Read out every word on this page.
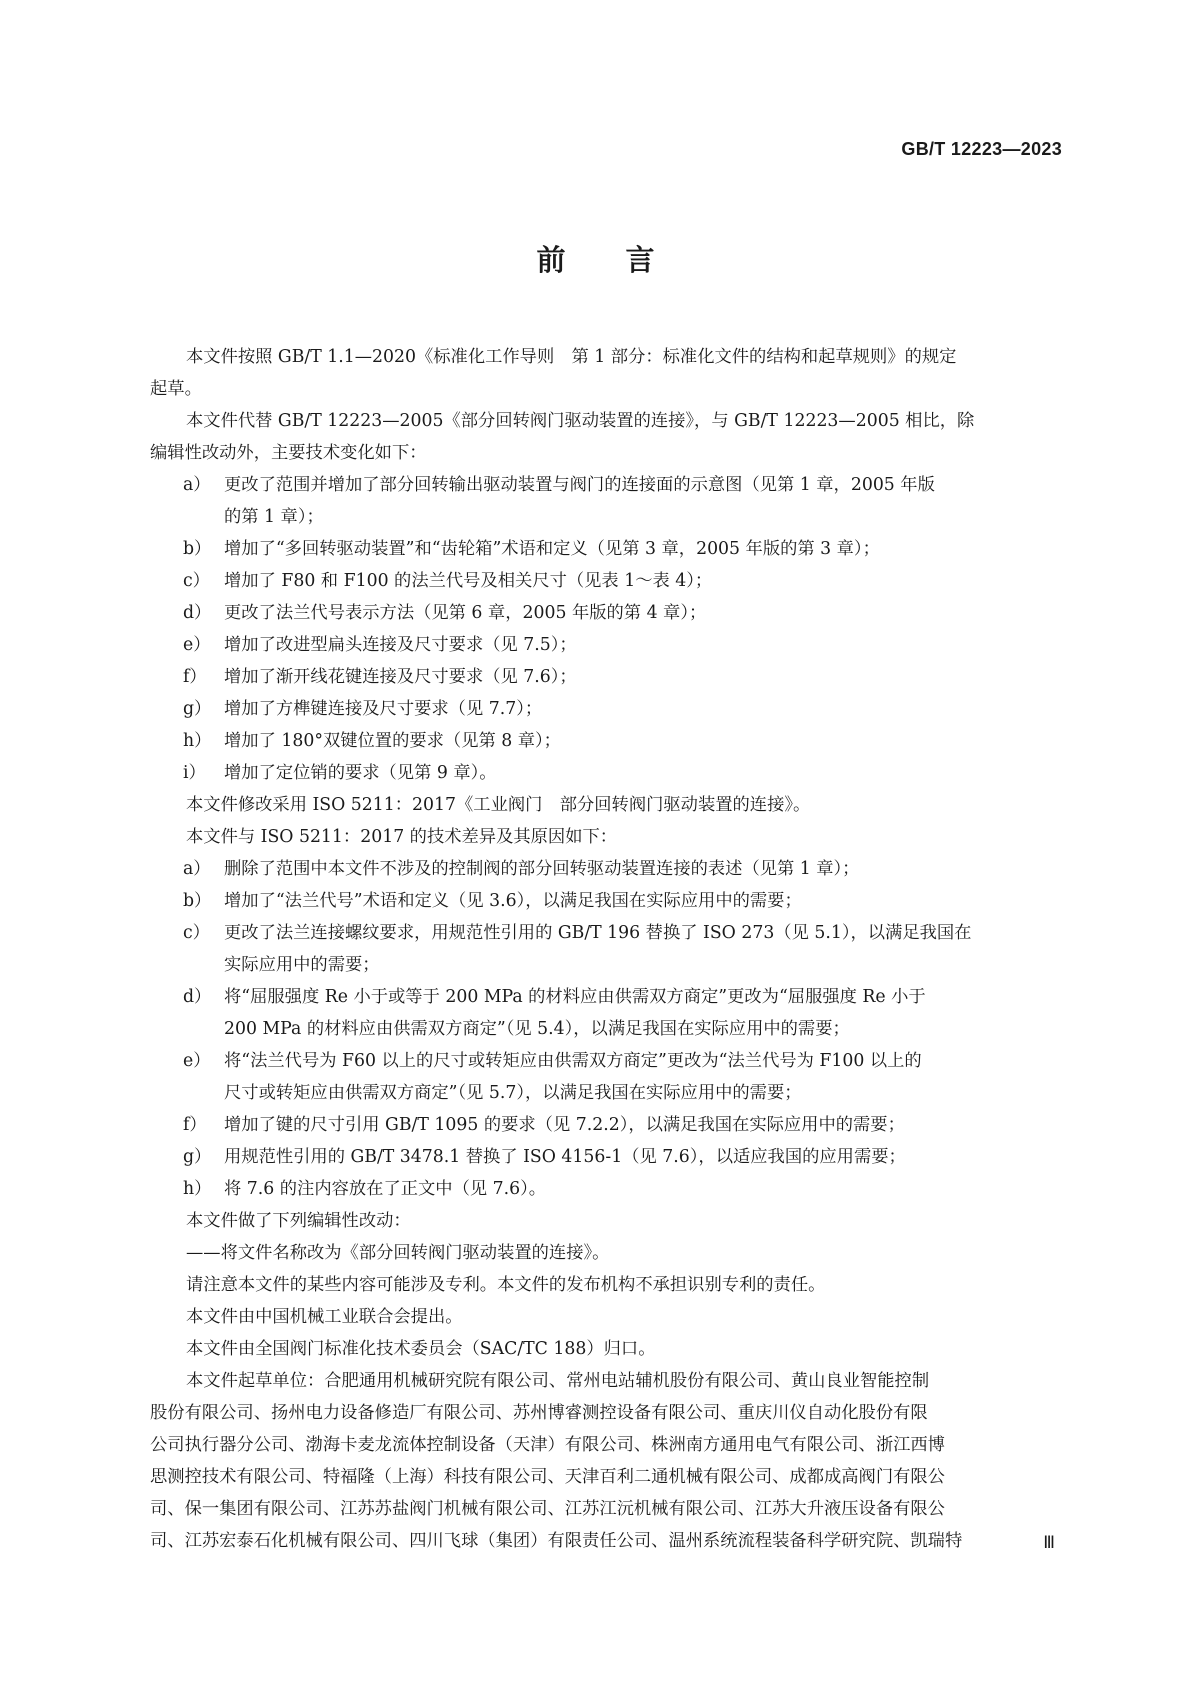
GB/T 12223—2023
前言
本文件按照 GB/T 1.1—2020《标准化工作导则　第 1 部分：标准化文件的结构和起草规则》的规定
起草。
本文件代替 GB/T 12223—2005《部分回转阀门驱动装置的连接》，与 GB/T 12223—2005 相比，除
编辑性改动外，主要技术变化如下：
a） 更改了范围并增加了部分回转输出驱动装置与阀门的连接面的示意图（见第 1 章，2005 年版
的第 1 章）；
b） 增加了“多回转驱动装置”和“齿轮箱”术语和定义（见第 3 章，2005 年版的第 3 章）；
c） 增加了 F80 和 F100 的法兰代号及相关尺寸（见表 1～表 4）；
d） 更改了法兰代号表示方法（见第 6 章，2005 年版的第 4 章）；
e） 增加了改进型扁头连接及尺寸要求（见 7.5）；
f） 增加了渐开线花键连接及尺寸要求（见 7.6）；
g） 增加了方榫键连接及尺寸要求（见 7.7）；
h） 增加了 180°双键位置的要求（见第 8 章）；
i） 增加了定位销的要求（见第 9 章）。
本文件修改采用 ISO 5211：2017《工业阀门　部分回转阀门驱动装置的连接》。
本文件与 ISO 5211：2017 的技术差异及其原因如下：
a） 删除了范围中本文件不涉及的控制阀的部分回转驱动装置连接的表述（见第 1 章）；
b） 增加了“法兰代号”术语和定义（见 3.6），以满足我国在实际应用中的需要；
c） 更改了法兰连接螺纹要求，用规范性引用的 GB/T 196 替换了 ISO 273（见 5.1），以满足我国在
实际应用中的需要；
d） 将“屈服强度 Re 小于或等于 200 MPa 的材料应由供需双方商定”更改为“屈服强度 Re 小于
200 MPa 的材料应由供需双方商定”（见 5.4），以满足我国在实际应用中的需要；
e） 将“法兰代号为 F60 以上的尺寸或转矩应由供需双方商定”更改为“法兰代号为 F100 以上的
尺寸或转矩应由供需双方商定”（见 5.7），以满足我国在实际应用中的需要；
f） 增加了键的尺寸引用 GB/T 1095 的要求（见 7.2.2），以满足我国在实际应用中的需要；
g） 用规范性引用的 GB/T 3478.1 替换了 ISO 4156-1（见 7.6），以适应我国的应用需要；
h） 将 7.6 的注内容放在了正文中（见 7.6）。
本文件做了下列编辑性改动：
——将文件名称改为《部分回转阀门驱动装置的连接》。
请注意本文件的某些内容可能涉及专利。本文件的发布机构不承担识别专利的责任。
本文件由中国机械工业联合会提出。
本文件由全国阀门标准化技术委员会（SAC/TC 188）归口。
本文件起草单位：合肥通用机械研究院有限公司、常州电站辅机股份有限公司、黄山良业智能控制
股份有限公司、扬州电力设备修造厂有限公司、苏州博睿测控设备有限公司、重庆川仪自动化股份有限
公司执行器分公司、渤海卡麦龙流体控制设备（天津）有限公司、株洲南方通用电气有限公司、浙江西博
思测控技术有限公司、特福隆（上海）科技有限公司、天津百利二通机械有限公司、成都成高阀门有限公
司、保一集团有限公司、江苏苏盐阀门机械有限公司、江苏江沅机械有限公司、江苏大升液压设备有限公
司、江苏宏泰石化机械有限公司、四川飞球（集团）有限责任公司、温州系统流程装备科学研究院、凯瑞特	Ⅲ
